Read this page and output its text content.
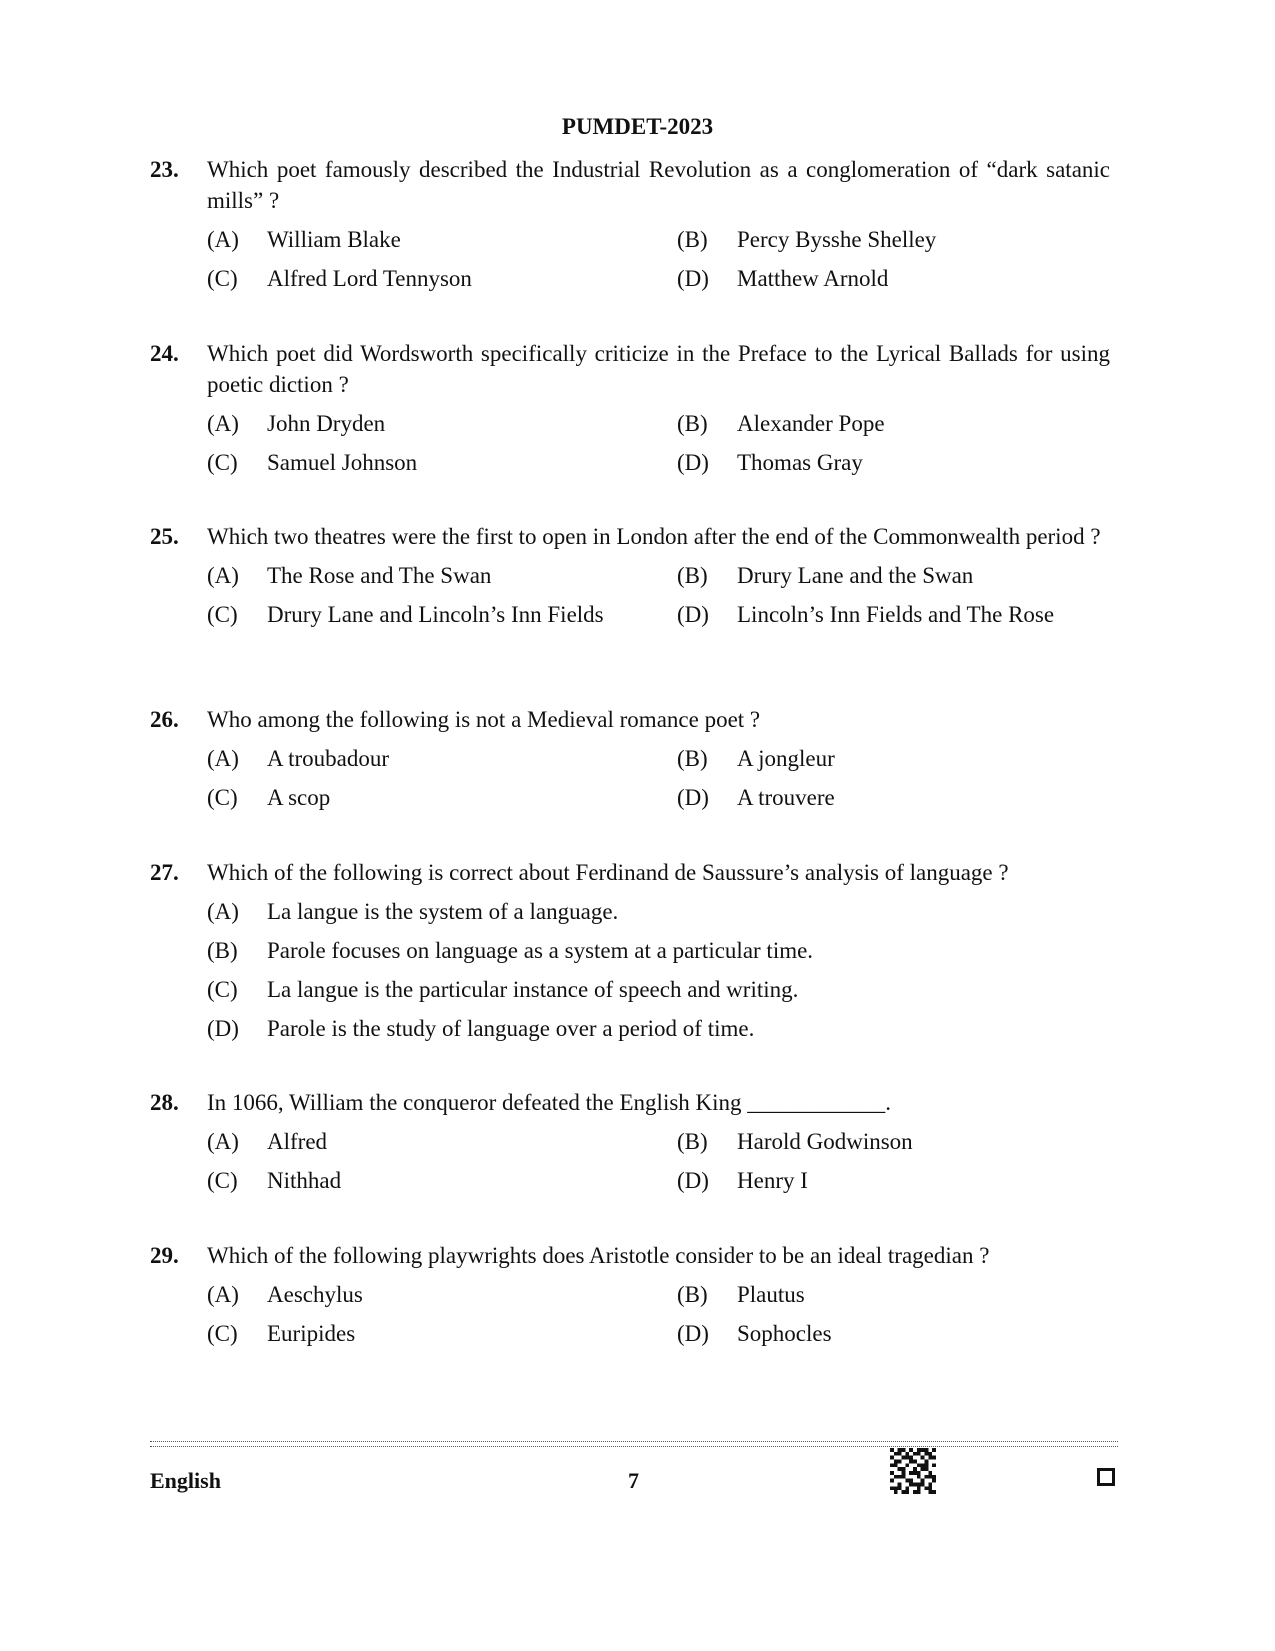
PUMDET-2023
23.	Which poet famously described the Industrial Revolution as a conglomeration of “dark satanic mills” ?
(A)	William Blake	(B)	Percy Bysshe Shelley
(C)	Alfred Lord Tennyson	(D)	Matthew Arnold
24.	Which poet did Wordsworth specifically criticize in the Preface to the Lyrical Ballads for using poetic diction ?
(A)	John Dryden	(B)	Alexander Pope
(C)	Samuel Johnson	(D)	Thomas Gray
25.	Which two theatres were the first to open in London after the end of the Commonwealth period ?
(A)	The Rose and The Swan	(B)	Drury Lane and the Swan
(C)	Drury Lane and Lincoln’s Inn Fields	(D)	Lincoln’s Inn Fields and The Rose
26.	Who among the following is not a Medieval romance poet ?
(A)	A troubadour	(B)	A jongleur
(C)	A scop	(D)	A trouvere
27.	Which of the following is correct about Ferdinand de Saussure’s analysis of language ?
(A)	La langue is the system of a language.
(B)	Parole focuses on language as a system at a particular time.
(C)	La langue is the particular instance of speech and writing.
(D)	Parole is the study of language over a period of time.
28.	In 1066, William the conqueror defeated the English King ____________.
(A)	Alfred	(B)	Harold Godwinson
(C)	Nithhad	(D)	Henry I
29.	Which of the following playwrights does Aristotle consider to be an ideal tragedian ?
(A)	Aeschylus	(B)	Plautus
(C)	Euripides	(D)	Sophocles
English	7
